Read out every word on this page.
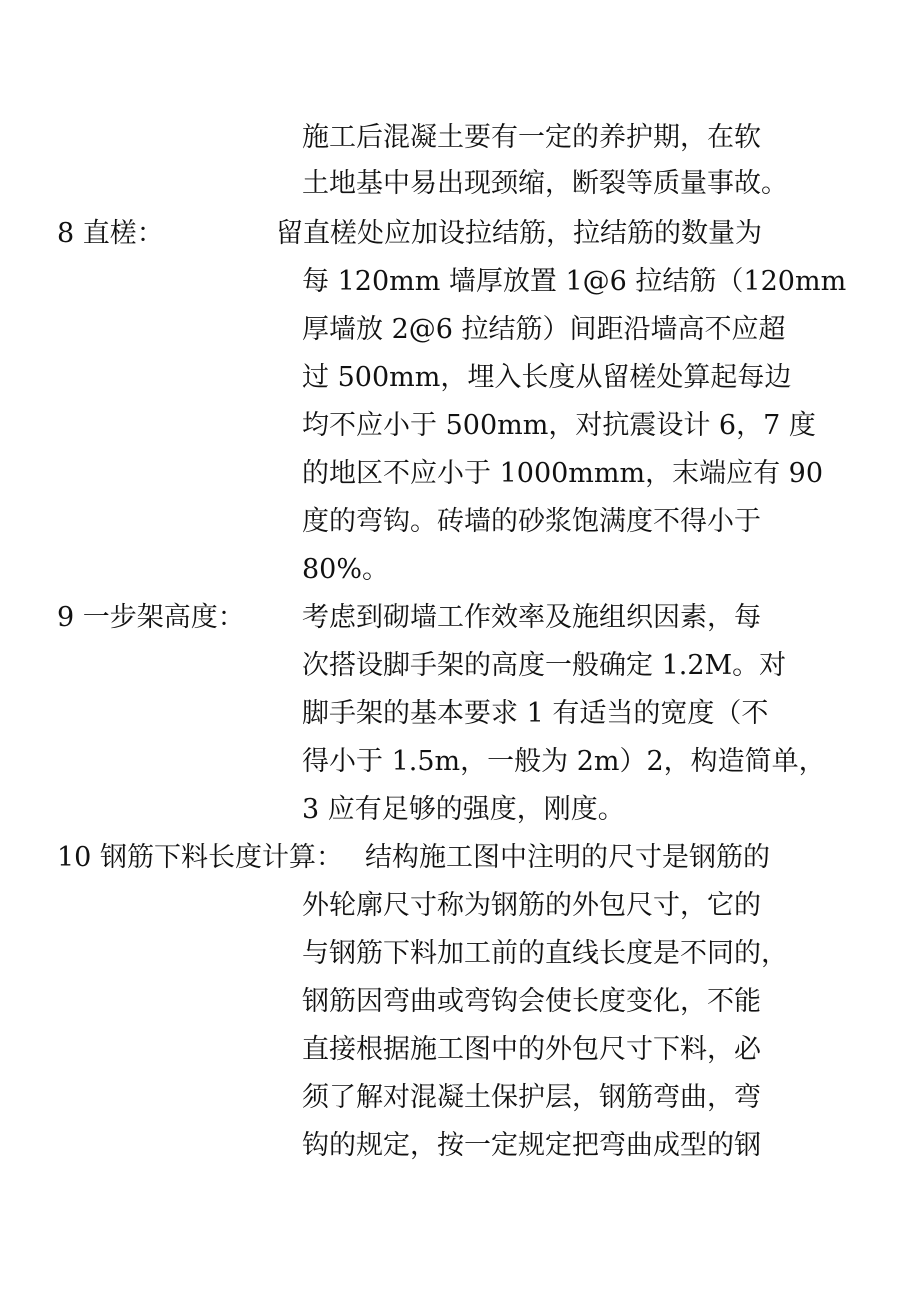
施工后混凝土要有一定的养护期，在软
土地基中易出现颈缩，断裂等质量事故。
8 直槎：	留直槎处应加设拉结筋，拉结筋的数量为
每 120mm 墙厚放置 1@6 拉结筋（120mm
厚墙放 2@6 拉结筋）间距沿墙高不应超
过 500mm，埋入长度从留槎处算起每边
均不应小于 500mm，对抗震设计 6，7 度
的地区不应小于 1000mmm，末端应有 90
度的弯钩。砖墙的砂浆饱满度不得小于
80%。
9 一步架高度： 考虑到砌墙工作效率及施组织因素，每
次搭设脚手架的高度一般确定 1.2M。对
脚手架的基本要求 1 有适当的宽度（不
得小于 1.5m，一般为 2m）2，构造简单，
3 应有足够的强度，刚度。
10 钢筋下料长度计算： 结构施工图中注明的尺寸是钢筋的
外轮廓尺寸称为钢筋的外包尺寸，它的
与钢筋下料加工前的直线长度是不同的，
钢筋因弯曲或弯钩会使长度变化，不能
直接根据施工图中的外包尺寸下料，必
须了解对混凝土保护层，钢筋弯曲，弯
钩的规定，按一定规定把弯曲成型的钢
